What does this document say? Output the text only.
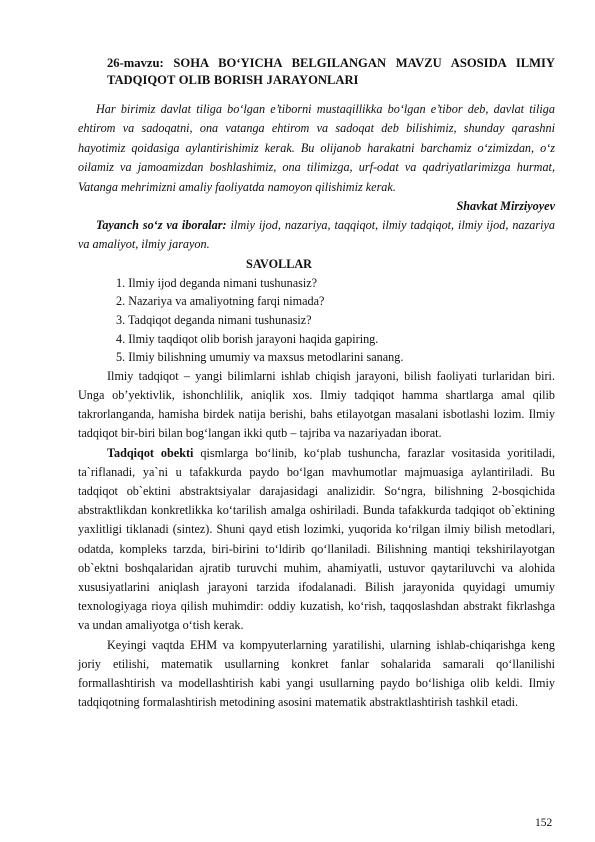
26-mavzu: SOHA BO‘YICHA BELGILANGAN MAVZU ASOSIDA ILMIY TADQIQOT OLIB BORISH JARAYONLARI

Har birimiz davlat tiliga bo‘lgan e’tiborni mustaqillikka bo‘lgan e’tibor deb, davlat tiliga ehtirom va sadoqatni, ona vatanga ehtirom va sadoqat deb bilishimiz, shunday qarashni hayotimiz qoidasiga aylantirishimiz kerak. Bu olijanob harakatni barchamiz o‘zimizdan, o‘z oilamiz va jamoamizdan boshlashimiz, ona tilimizga, urf-odat va qadriyatlarimizga hurmat, Vatanga mehrimizni amaliy faoliyatda namoyon qilishimiz kerak.

Shavkat Mirziyoyev

Tayanch so‘z va iboralar: ilmiy ijod, nazariya, taqqiqot, ilmiy tadqiqot, ilmiy ijod, nazariya va amaliyot, ilmiy jarayon.

SAVOLLAR

1. Ilmiy ijod deganda nimani tushunasiz?
2. Nazariya va amaliyotning farqi nimada?
3. Tadqiqot deganda nimani tushunasiz?
4. Ilmiy taqdiqot olib borish jarayoni haqida gapiring.
5. Ilmiy bilishning umumiy va maxsus metodlarini sanang.

Ilmiy tadqiqot – yangi bilimlarni ishlab chiqish jarayoni, bilish faoliyati turlaridan biri. Unga ob’yektivlik, ishonchlilik, aniqlik xos. Ilmiy tadqiqot hamma shartlarga amal qilib takrorlanganda, hamisha birdek natija berishi, bahs etilayotgan masalani isbotlashi lozim. Ilmiy tadqiqot bir-biri bilan bog‘langan ikki qutb – tajriba va nazariyadan iborat.

Tadqiqot obekti qismlarga bo‘linib, ko‘plab tushuncha, farazlar vositasida yoritiladi, ta`riflanadi, ya`ni u tafakkurda paydo bo‘lgan mavhumotlar majmuasiga aylantiriladi. Bu tadqiqot ob`ektini abstraktsiyalar darajasidagi analizidir. So‘ngra, bilishning 2-bosqichida abstraktlikdan konkretlikka ko‘tarilish amalga oshiriladi. Bunda tafakkurda tadqiqot ob`ektining yaxlitligi tiklanadi (sintez). Shuni qayd etish lozimki, yuqorida ko‘rilgan ilmiy bilish metodlari, odatda, kompleks tarzda, biri-birini to‘ldirib qo‘llaniladi. Bilishning mantiqi tekshirilayotgan ob`ektni boshqalaridan ajratib turuvchi muhim, ahamiyatli, ustuvor qaytariluvchi va alohida xususiyatlarini aniqlash jarayoni tarzida ifodalanadi. Bilish jarayonida quyidagi umumiy texnologiyaga rioya qilish muhimdir: oddiy kuzatish, ko‘rish, taqqoslashdan abstrakt fikrlashga va undan amaliyotga o‘tish kerak.

Keyingi vaqtda EHM va kompyuterlarning yaratilishi, ularning ishlab-chiqarishga keng joriy etilishi, matematik usullarning konkret fanlar sohalarida samarali qo‘llanilishi formallashtirish va modellashtirish kabi yangi usullarning paydo bo‘lishiga olib keldi. Ilmiy tadqiqotning formalashtirish metodining asosini matematik abstraktlashtirish tashkil etadi.

152
